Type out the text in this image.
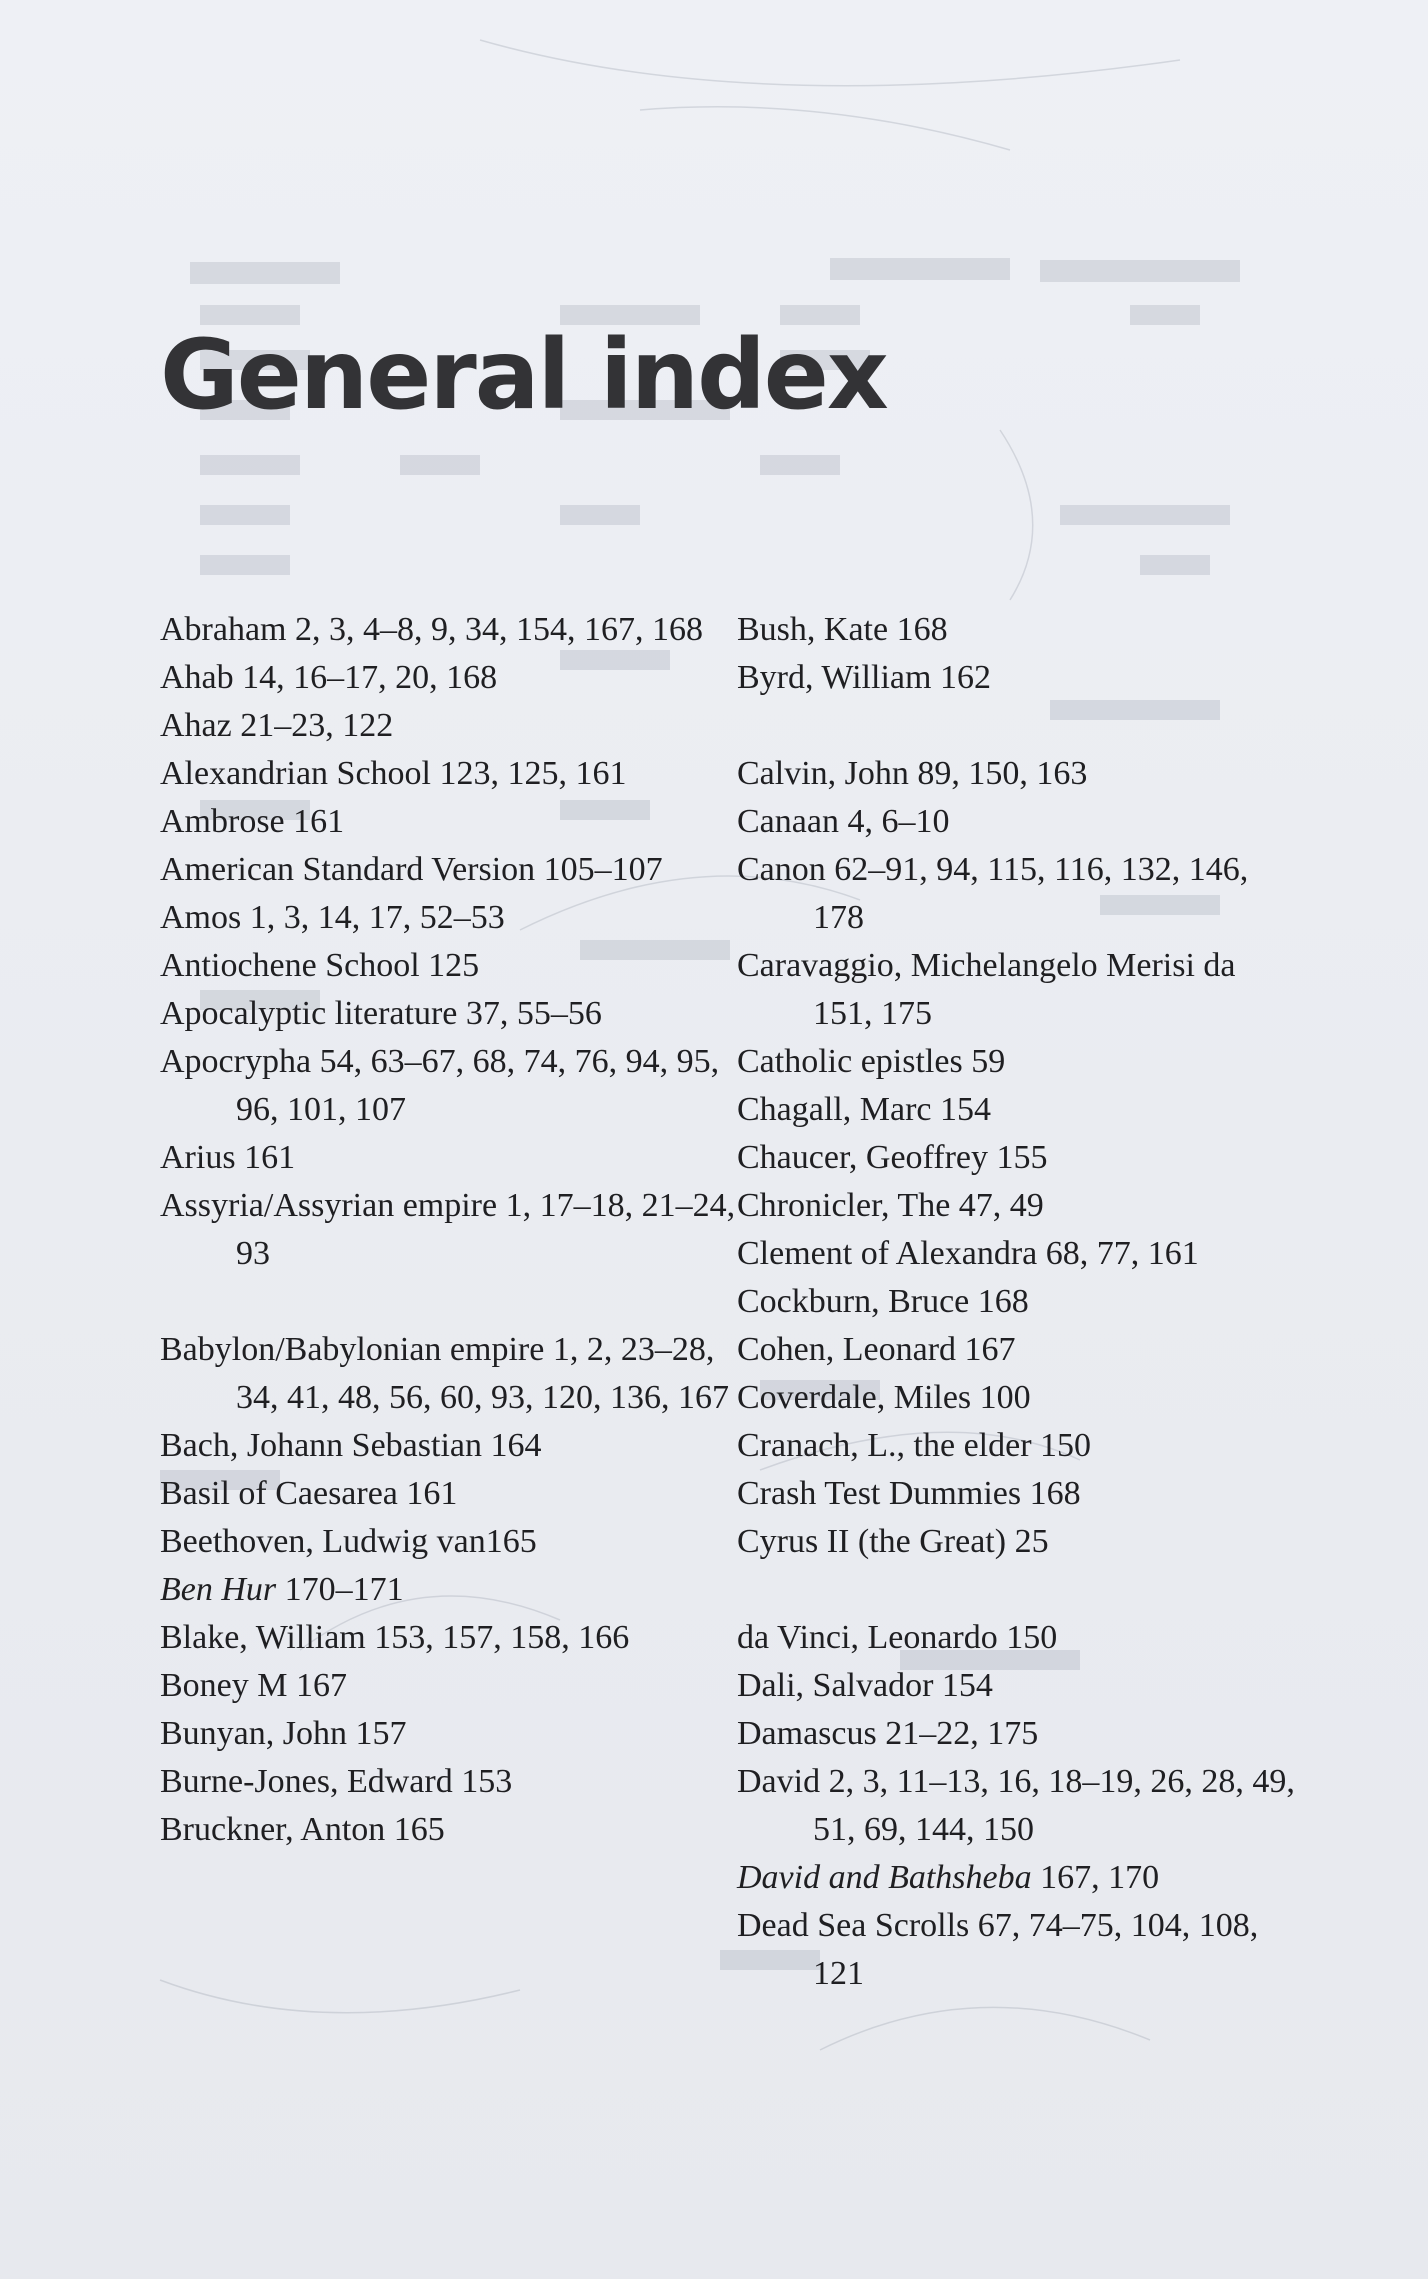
General index
Abraham 2, 3, 4–8, 9, 34, 154, 167, 168
Ahab 14, 16–17, 20, 168
Ahaz 21–23, 122
Alexandrian School 123, 125, 161
Ambrose 161
American Standard Version 105–107
Amos 1, 3, 14, 17, 52–53
Antiochene School 125
Apocalyptic literature 37, 55–56
Apocrypha 54, 63–67, 68, 74, 76, 94, 95, 96, 101, 107
Arius 161
Assyria/Assyrian empire 1, 17–18, 21–24, 93
Babylon/Babylonian empire 1, 2, 23–28, 34, 41, 48, 56, 60, 93, 120, 136, 167
Bach, Johann Sebastian 164
Basil of Caesarea 161
Beethoven, Ludwig van165
Ben Hur 170–171
Blake, William 153, 157, 158, 166
Boney M 167
Bunyan, John 157
Burne-Jones, Edward 153
Bruckner, Anton 165
Bush, Kate 168
Byrd, William 162
Calvin, John 89, 150, 163
Canaan 4, 6–10
Canon 62–91, 94, 115, 116, 132, 146, 178
Caravaggio, Michelangelo Merisi da 151, 175
Catholic epistles 59
Chagall, Marc 154
Chaucer, Geoffrey 155
Chronicler, The 47, 49
Clement of Alexandra 68, 77, 161
Cockburn, Bruce 168
Cohen, Leonard 167
Coverdale, Miles 100
Cranach, L., the elder 150
Crash Test Dummies 168
Cyrus II (the Great) 25
da Vinci, Leonardo 150
Dali, Salvador 154
Damascus 21–22, 175
David 2, 3, 11–13, 16, 18–19, 26, 28, 49, 51, 69, 144, 150
David and Bathsheba 167, 170
Dead Sea Scrolls 67, 74–75, 104, 108, 121
